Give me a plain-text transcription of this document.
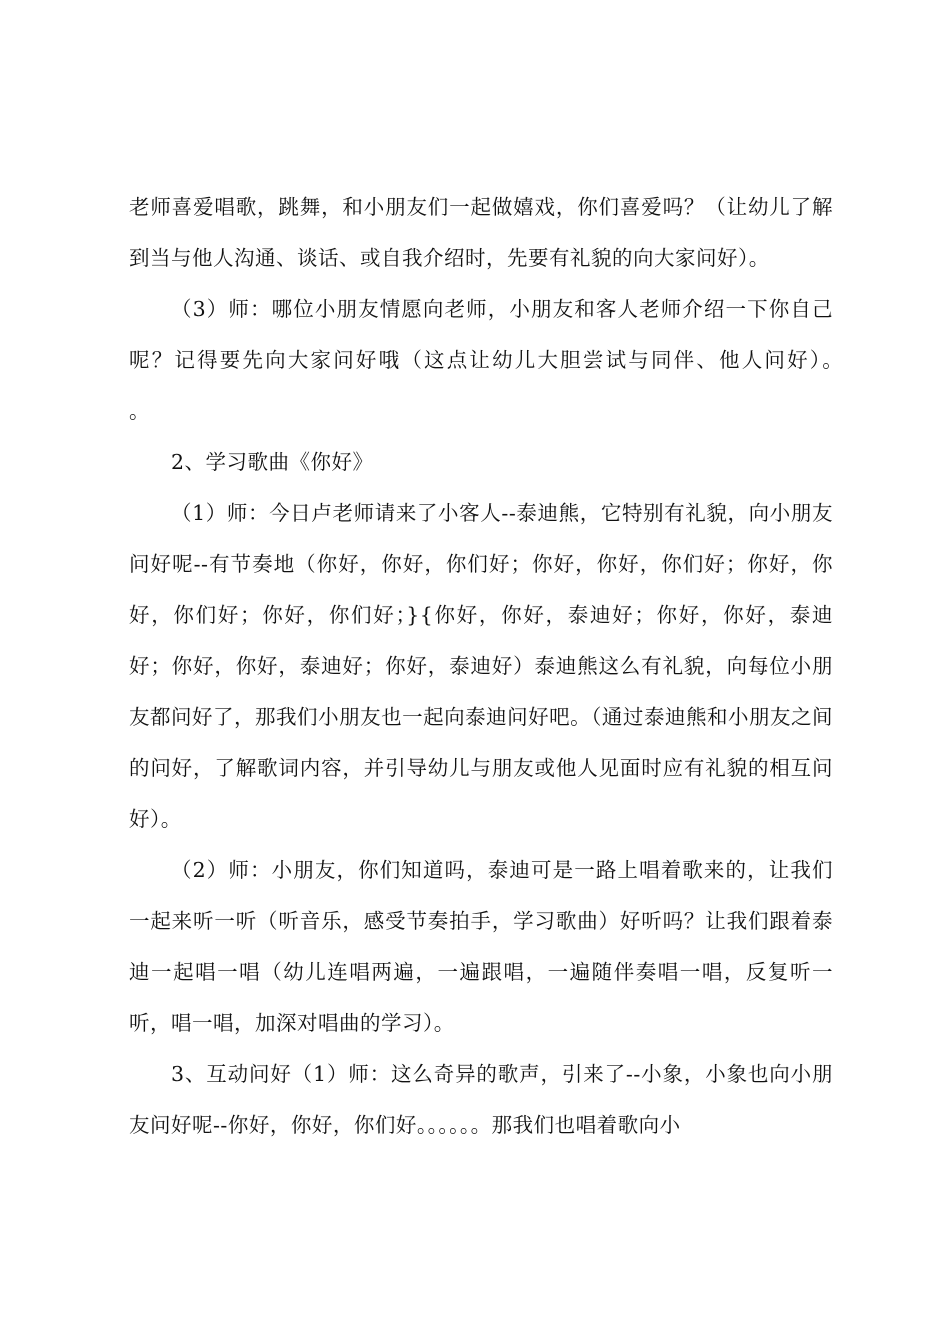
老师喜爱唱歌，跳舞，和小朋友们一起做嬉戏，你们喜爱吗？（让幼儿了解到当与他人沟通、谈话、或自我介绍时，先要有礼貌的向大家问好）。

（3）师：哪位小朋友情愿向老师，小朋友和客人老师介绍一下你自己呢？记得要先向大家问好哦（这点让幼儿大胆尝试与同伴、他人问好）。　　　。

2、学习歌曲《你好》

（1）师：今日卢老师请来了小客人--泰迪熊，它特别有礼貌，向小朋友问好呢--有节奏地（你好，你好，你们好；你好，你好，你们好；你好，你好，你们好；你好，你们好；}{你好，你好，泰迪好；你好，你好，泰迪好；你好，你好，泰迪好；你好，泰迪好）泰迪熊这么有礼貌，向每位小朋友都问好了，那我们小朋友也一起向泰迪问好吧。（通过泰迪熊和小朋友之间的问好，了解歌词内容，并引导幼儿与朋友或他人见面时应有礼貌的相互问好）。

（2）师：小朋友，你们知道吗，泰迪可是一路上唱着歌来的，让我们一起来听一听（听音乐，感受节奏拍手，学习歌曲）好听吗？让我们跟着泰迪一起唱一唱（幼儿连唱两遍，一遍跟唱，一遍随伴奏唱一唱，反复听一听，唱一唱，加深对唱曲的学习）。

3、互动问好（1）师：这么奇异的歌声，引来了--小象，小象也向小朋友问好呢--你好，你好，你们好。。。。。。那我们也唱着歌向小
